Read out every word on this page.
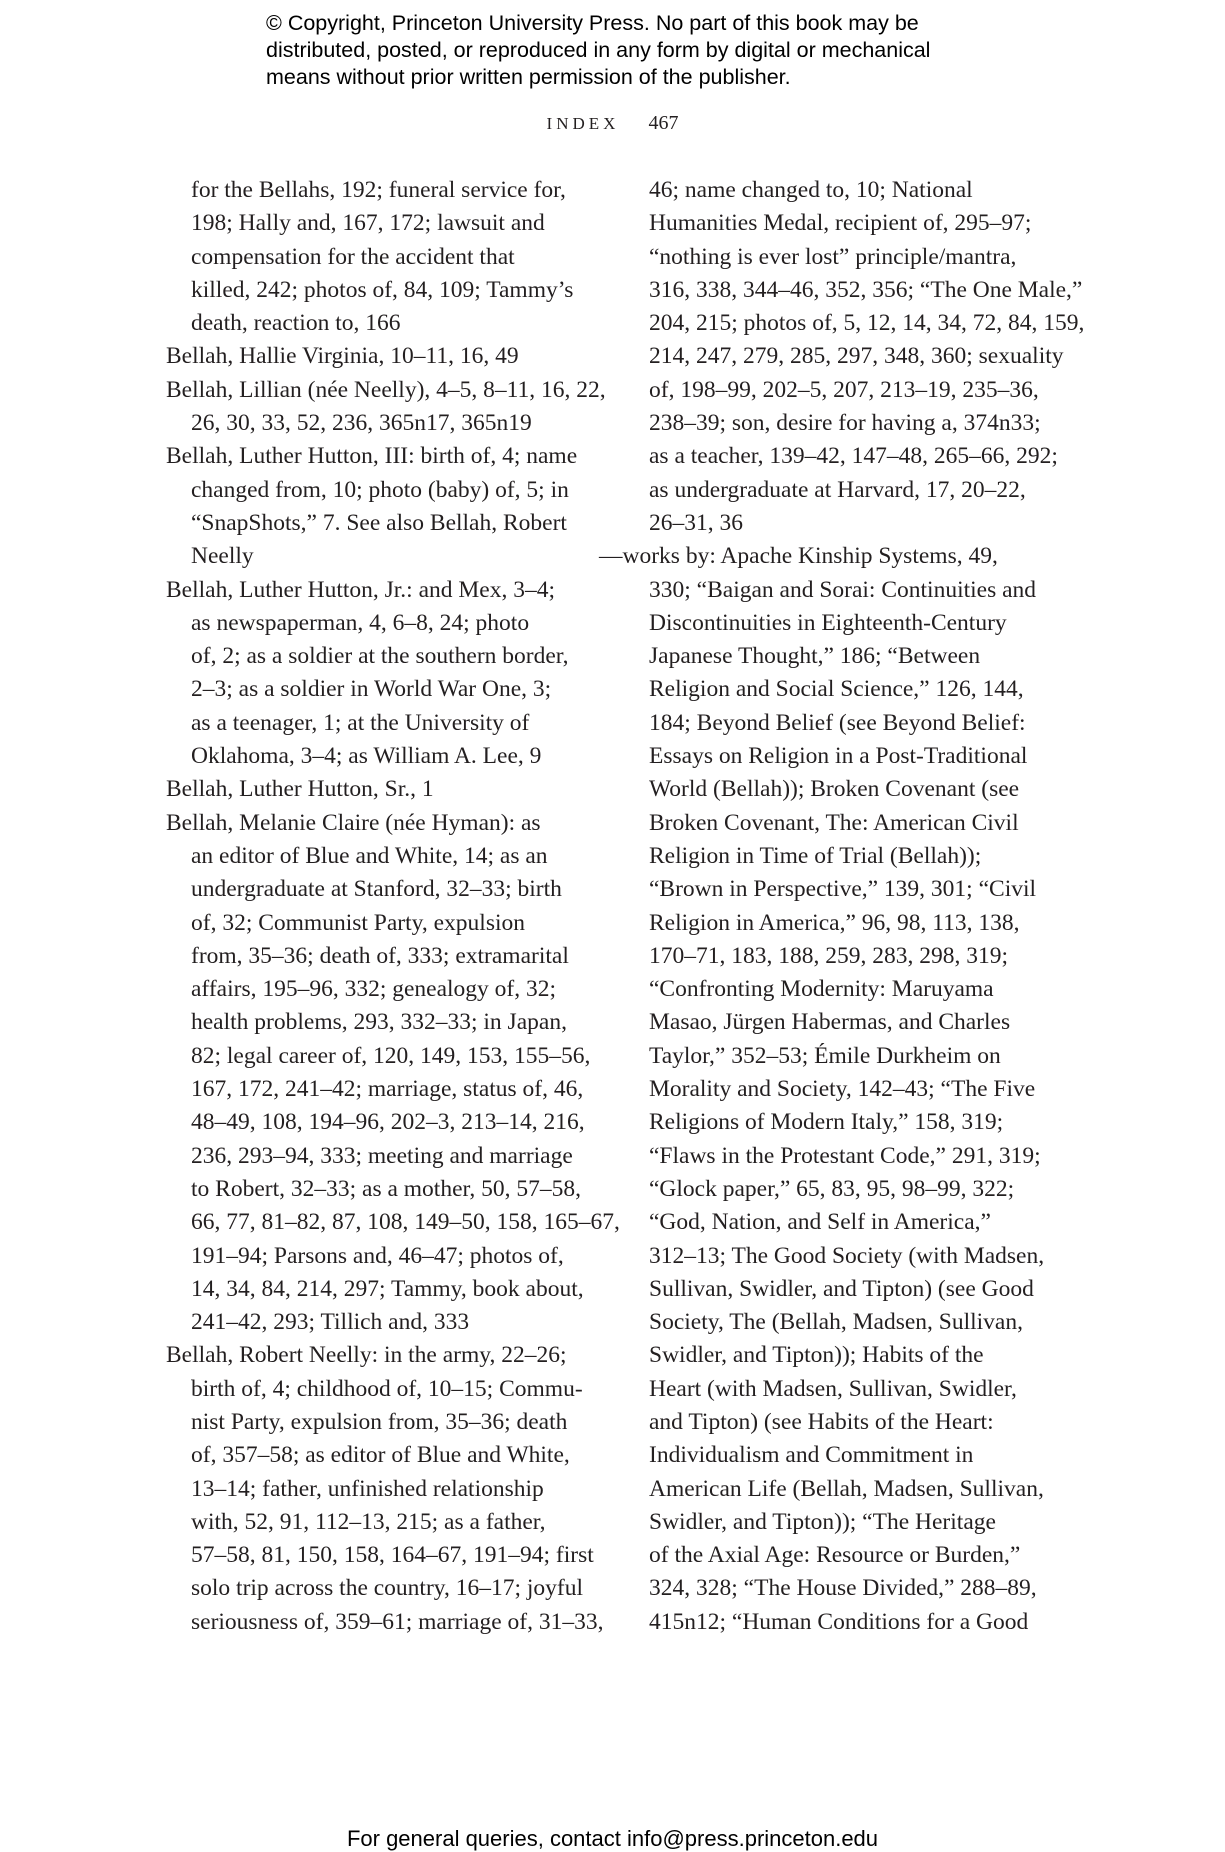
© Copyright, Princeton University Press. No part of this book may be
distributed, posted, or reproduced in any form by digital or mechanical
means without prior written permission of the publisher.
INDEX 467
for the Bellahs, 192; funeral service for,
198; Hally and, 167, 172; lawsuit and
compensation for the accident that
killed, 242; photos of, 84, 109; Tammy’s
death, reaction to, 166
Bellah, Hallie Virginia, 10–11, 16, 49
Bellah, Lillian (née Neelly), 4–5, 8–11, 16, 22,
26, 30, 33, 52, 236, 365n17, 365n19
Bellah, Luther Hutton, III: birth of, 4; name
changed from, 10; photo (baby) of, 5; in
“SnapShots,” 7. See also Bellah, Robert
Neelly
Bellah, Luther Hutton, Jr.: and Mex, 3–4;
as newspaperman, 4, 6–8, 24; photo
of, 2; as a soldier at the southern border,
2–3; as a soldier in World War One, 3;
as a teenager, 1; at the University of
Oklahoma, 3–4; as William A. Lee, 9
Bellah, Luther Hutton, Sr., 1
Bellah, Melanie Claire (née Hyman): as
an editor of Blue and White, 14; as an
undergraduate at Stanford, 32–33; birth
of, 32; Communist Party, expulsion
from, 35–36; death of, 333; extramarital
affairs, 195–96, 332; genealogy of, 32;
health problems, 293, 332–33; in Japan,
82; legal career of, 120, 149, 153, 155–56,
167, 172, 241–42; marriage, status of, 46,
48–49, 108, 194–96, 202–3, 213–14, 216,
236, 293–94, 333; meeting and marriage
to Robert, 32–33; as a mother, 50, 57–58,
66, 77, 81–82, 87, 108, 149–50, 158, 165–67,
191–94; Parsons and, 46–47; photos of,
14, 34, 84, 214, 297; Tammy, book about,
241–42, 293; Tillich and, 333
Bellah, Robert Neelly: in the army, 22–26;
birth of, 4; childhood of, 10–15; Commu-
nist Party, expulsion from, 35–36; death
of, 357–58; as editor of Blue and White,
13–14; father, unfinished relationship
with, 52, 91, 112–13, 215; as a father,
57–58, 81, 150, 158, 164–67, 191–94; first
solo trip across the country, 16–17; joyful
seriousness of, 359–61; marriage of, 31–33,
46; name changed to, 10; National
Humanities Medal, recipient of, 295–97;
“nothing is ever lost” principle/mantra,
316, 338, 344–46, 352, 356; “The One Male,”
204, 215; photos of, 5, 12, 14, 34, 72, 84, 159,
214, 247, 279, 285, 297, 348, 360; sexuality
of, 198–99, 202–5, 207, 213–19, 235–36,
238–39; son, desire for having a, 374n33;
as a teacher, 139–42, 147–48, 265–66, 292;
as undergraduate at Harvard, 17, 20–22,
26–31, 36
—works by: Apache Kinship Systems, 49,
330; “Baigan and Sorai: Continuities and
Discontinuities in Eighteenth-Century
Japanese Thought,” 186; “Between
Religion and Social Science,” 126, 144,
184; Beyond Belief (see Beyond Belief:
Essays on Religion in a Post-Traditional
World (Bellah)); Broken Covenant (see
Broken Covenant, The: American Civil
Religion in Time of Trial (Bellah));
“Brown in Perspective,” 139, 301; “Civil
Religion in America,” 96, 98, 113, 138,
170–71, 183, 188, 259, 283, 298, 319;
“Confronting Modernity: Maruyama
Masao, Jürgen Habermas, and Charles
Taylor,” 352–53; Émile Durkheim on
Morality and Society, 142–43; “The Five
Religions of Modern Italy,” 158, 319;
“Flaws in the Protestant Code,” 291, 319;
“Glock paper,” 65, 83, 95, 98–99, 322;
“God, Nation, and Self in America,”
312–13; The Good Society (with Madsen,
Sullivan, Swidler, and Tipton) (see Good
Society, The (Bellah, Madsen, Sullivan,
Swidler, and Tipton)); Habits of the
Heart (with Madsen, Sullivan, Swidler,
and Tipton) (see Habits of the Heart:
Individualism and Commitment in
American Life (Bellah, Madsen, Sullivan,
Swidler, and Tipton)); “The Heritage
of the Axial Age: Resource or Burden,”
324, 328; “The House Divided,” 288–89,
415n12; “Human Conditions for a Good
For general queries, contact info@press.princeton.edu
